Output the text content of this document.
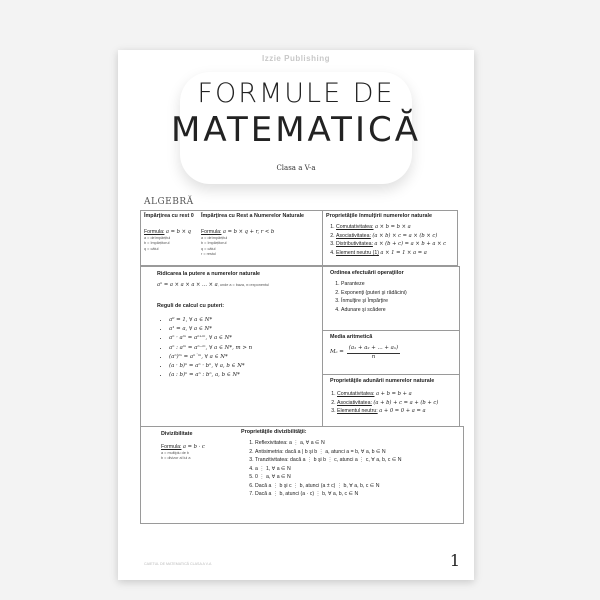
Izzie Publishing
FORMULE DE
MATEMATICĂ
Clasa a V-a
ALGEBRĂ
Împărţirea cu rest 0
Formula: a = b × q
a = deîmpărțitul
b = împărțitorul
q = câtul
Împărţirea cu Rest a Numerelor Naturale
Formula: a = b × q + r, r < b
a = deîmpărțitul
b = împărțitorul
q = câtul
r = restul
Proprietăţile înmulţirii numerelor naturale
1. Comutativitatea: a × b = b × a
2. Asociativitatea: (a × b) × c = a × (b × c)
3. Distributivitatea: a × (b + c) = a × b + a × c
4. Element neutru (1) a × 1 = 1 × a = a
Ridicarea la putere a numerelor naturale
aⁿ = a × a × a × ... × a, unde a = baza, n=exponentul
Reguli de calcul cu puteri:
• a⁰ = 1, ∀ a ∈ N*
• a¹ = a, ∀ a ∈ N*
• aⁿ · aᵐ = aⁿ⁺ᵐ, ∀ a ∈ N*
• aⁿ : aᵐ = aⁿ⁻ᵐ, ∀ a ∈ N*, m > n
• (aⁿ)ᵐ = aⁿ˙ᵐ, ∀ a ∈ N*
• (a · b)ⁿ = aⁿ · bⁿ, ∀ a, b ∈ N*
• (a : b)ⁿ = aⁿ : bⁿ, a, b ∈ N*
Ordinea efectuării operaţiilor
1. Paranteze
2. Exponenţi (puteri şi rădăcini)
3. Înmulţire şi Împărţire
4. Adunare şi scădere
Media aritmetică
$M_a = \frac{\text{(a₁ + a₂ + ... + aₙ)}}{n}$
Proprietăţile adunării numerelor naturale
1. Comutativitatea: a + b = b + a
2. Asociativitatea: (a + b) + c = a + (b + c)
3. Elementul neutru: a + 0 = 0 + a = a
Divizibilitate
Formula: a = b · c
a = multiplu de b
b = divizor al lui a
Proprietăţile divizibilităţii:
1. Reflexivitatea: a ⋮ a, ∀ a ∈ N
2. Antisimetria: dacă a | b şi b ⋮ a, atunci a = b, ∀ a, b ∈ N
3. Tranzitivitatea: dacă a ⋮ b şi b ⋮ c, atunci a ⋮ c, ∀ a, b, c ∈ N
4. a ⋮ 1, ∀ a ∈ N
5. 0 ⋮ a, ∀ a ∈ N
6. Dacă a ⋮ b şi c ⋮ b, atunci (a ± c) ⋮ b, ∀ a, b, c ∈ N
7. Dacă a ⋮ b, atunci (a · c) ⋮ b, ∀ a, b, c ∈ N
CAIETUL DE MATEMATICĂ CLASA A V-A	1
